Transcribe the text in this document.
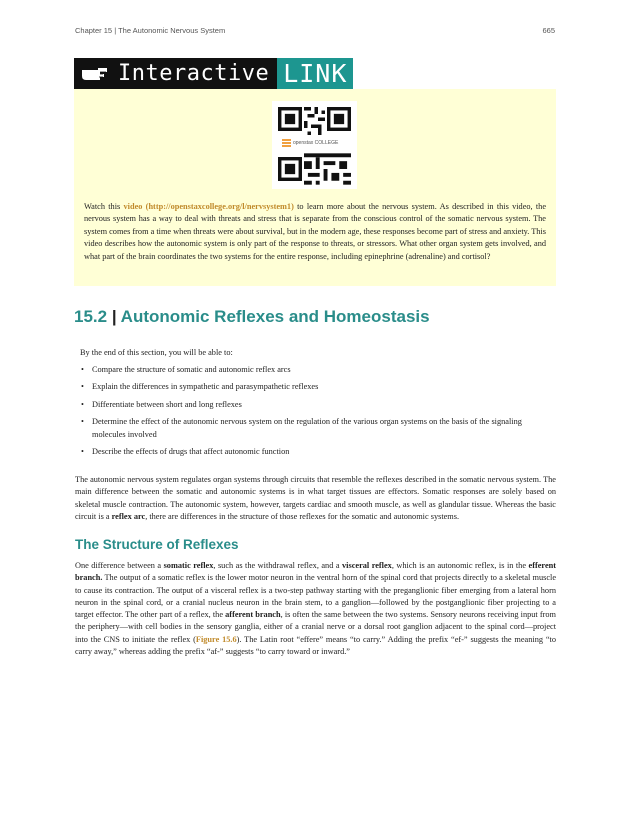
Chapter 15 | The Autonomic Nervous System	665
Interactive LINK
openstax COLLEGE

Watch this video (http://openstaxcollege.org/l/nervsystem1) to learn more about the nervous system. As described in this video, the nervous system has a way to deal with threats and stress that is separate from the conscious control of the somatic nervous system. The system comes from a time when threats were about survival, but in the modern age, these responses become part of stress and anxiety. This video describes how the autonomic system is only part of the response to threats, or stressors. What other organ system gets involved, and what part of the brain coordinates the two systems for the entire response, including epinephrine (adrenaline) and cortisol?

15.2 | Autonomic Reflexes and Homeostasis

By the end of this section, you will be able to:

• Compare the structure of somatic and autonomic reflex arcs
• Explain the differences in sympathetic and parasympathetic reflexes
• Differentiate between short and long reflexes
• Determine the effect of the autonomic nervous system on the regulation of the various organ systems on the basis of the signaling molecules involved
• Describe the effects of drugs that affect autonomic function

The autonomic nervous system regulates organ systems through circuits that resemble the reflexes described in the somatic nervous system. The main difference between the somatic and autonomic systems is in what target tissues are effectors. Somatic responses are solely based on skeletal muscle contraction. The autonomic system, however, targets cardiac and smooth muscle, as well as glandular tissue. Whereas the basic circuit is a reflex arc, there are differences in the structure of those reflexes for the somatic and autonomic systems.

The Structure of Reflexes

One difference between a somatic reflex, such as the withdrawal reflex, and a visceral reflex, which is an autonomic reflex, is in the efferent branch. The output of a somatic reflex is the lower motor neuron in the ventral horn of the spinal cord that projects directly to a skeletal muscle to cause its contraction. The output of a visceral reflex is a two-step pathway starting with the preganglionic fiber emerging from a lateral horn neuron in the spinal cord, or a cranial nucleus neuron in the brain stem, to a ganglion—followed by the postganglionic fiber projecting to a target effector. The other part of a reflex, the afferent branch, is often the same between the two systems. Sensory neurons receiving input from the periphery—with cell bodies in the sensory ganglia, either of a cranial nerve or a dorsal root ganglion adjacent to the spinal cord—project into the CNS to initiate the reflex (Figure 15.6). The Latin root “effere” means “to carry.” Adding the prefix “ef-” suggests the meaning “to carry away,” whereas adding the prefix “af-” suggests “to carry toward or inward.”
